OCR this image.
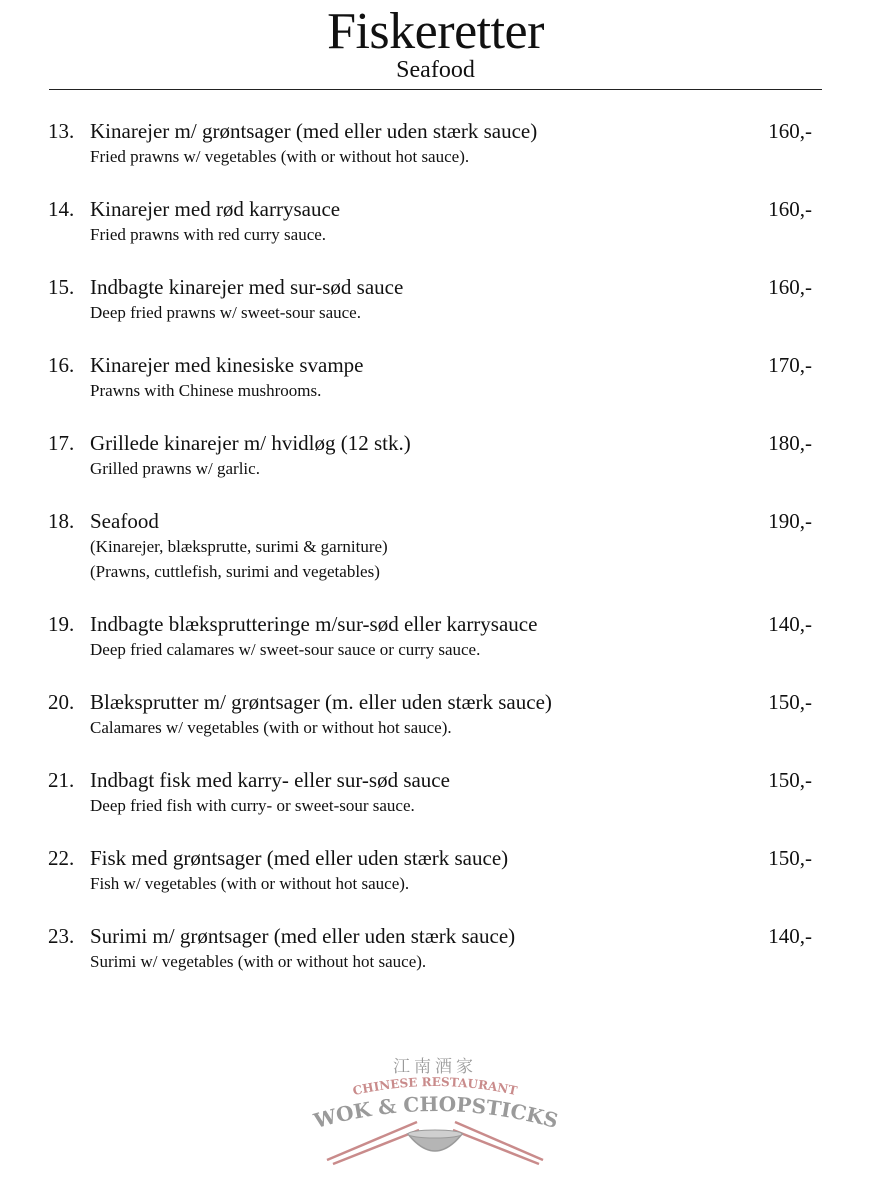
Fiskeretter
Seafood
13. Kinarejer m/ grøntsager (med eller uden stærk sauce)
Fried prawns w/ vegetables (with or without hot sauce).
160,-
14. Kinarejer med rød karrysauce
Fried prawns with red curry sauce.
160,-
15. Indbagte kinarejer med sur-sød sauce
Deep fried prawns w/ sweet-sour sauce.
160,-
16. Kinarejer med kinesiske svampe
Prawns with Chinese mushrooms.
170,-
17. Grillede kinarejer m/ hvidløg (12 stk.)
Grilled prawns w/ garlic.
180,-
18. Seafood
(Kinarejer, blæksprutte, surimi & garniture)
(Prawns, cuttlefish, surimi and vegetables)
190,-
19. Indbagte blæksprutteringe m/sur-sød eller karrysauce
Deep fried calamares w/ sweet-sour sauce or curry sauce.
140,-
20. Blæksprutter m/ grøntsager (m. eller uden stærk sauce)
Calamares w/ vegetables (with or without hot sauce).
150,-
21. Indbagt fisk med karry- eller sur-sød sauce
Deep fried fish with curry- or sweet-sour sauce.
150,-
22. Fisk med grøntsager (med eller uden stærk sauce)
Fish w/ vegetables (with or without hot sauce).
150,-
23. Surimi m/ grøntsager (med eller uden stærk sauce)
Surimi w/ vegetables (with or without hot sauce).
140,-
江南酒家
CHINESE RESTAURANT
WOK & CHOPSTICKS
